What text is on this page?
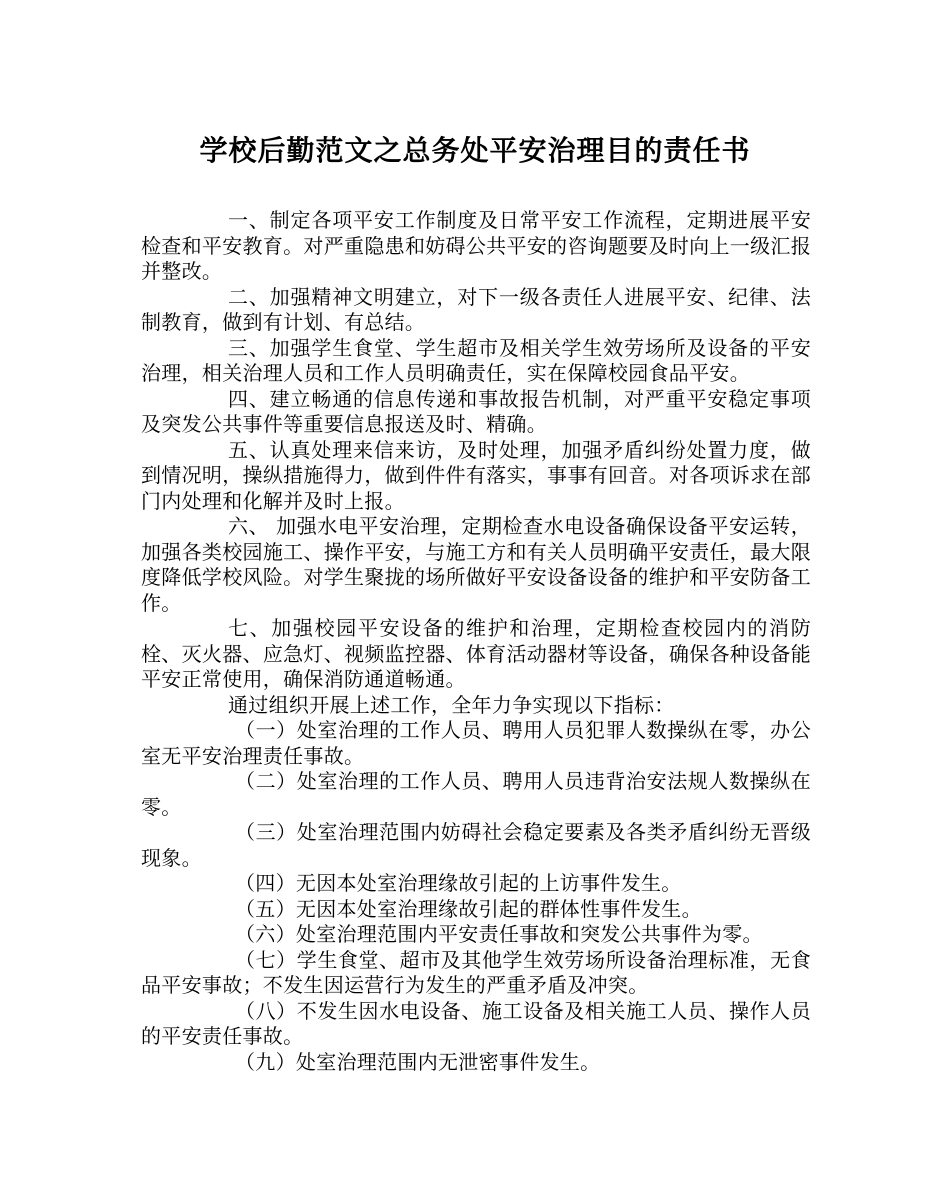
学校后勤范文之总务处平安治理目的责任书

一、制定各项平安工作制度及日常平安工作流程，定期进展平安检查和平安教育。对严重隐患和妨碍公共平安的咨询题要及时向上一级汇报并整改。

二、加强精神文明建立，对下一级各责任人进展平安、纪律、法制教育，做到有计划、有总结。

三、加强学生食堂、学生超市及相关学生效劳场所及设备的平安治理，相关治理人员和工作人员明确责任，实在保障校园食品平安。

四、建立畅通的信息传递和事故报告机制，对严重平安稳定事项及突发公共事件等重要信息报送及时、精确。

五、认真处理来信来访，及时处理，加强矛盾纠纷处置力度，做到情况明，操纵措施得力，做到件件有落实，事事有回音。对各项诉求在部门内处理和化解并及时上报。

六、 加强水电平安治理，定期检查水电设备确保设备平安运转，加强各类校园施工、操作平安，与施工方和有关人员明确平安责任，最大限度降低学校风险。对学生聚拢的场所做好平安设备设备的维护和平安防备工作。

七、加强校园平安设备的维护和治理，定期检查校园内的消防栓、灭火器、应急灯、视频监控器、体育活动器材等设备，确保各种设备能平安正常使用，确保消防通道畅通。

通过组织开展上述工作，全年力争实现以下指标：

（一）处室治理的工作人员、聘用人员犯罪人数操纵在零，办公室无平安治理责任事故。

（二）处室治理的工作人员、聘用人员违背治安法规人数操纵在零。

（三）处室治理范围内妨碍社会稳定要素及各类矛盾纠纷无晋级现象。

（四）无因本处室治理缘故引起的上访事件发生。

（五）无因本处室治理缘故引起的群体性事件发生。

（六）处室治理范围内平安责任事故和突发公共事件为零。

（七）学生食堂、超市及其他学生效劳场所设备治理标准，无食品平安事故；不发生因运营行为发生的严重矛盾及冲突。

（八）不发生因水电设备、施工设备及相关施工人员、操作人员的平安责任事故。

（九）处室治理范围内无泄密事件发生。
